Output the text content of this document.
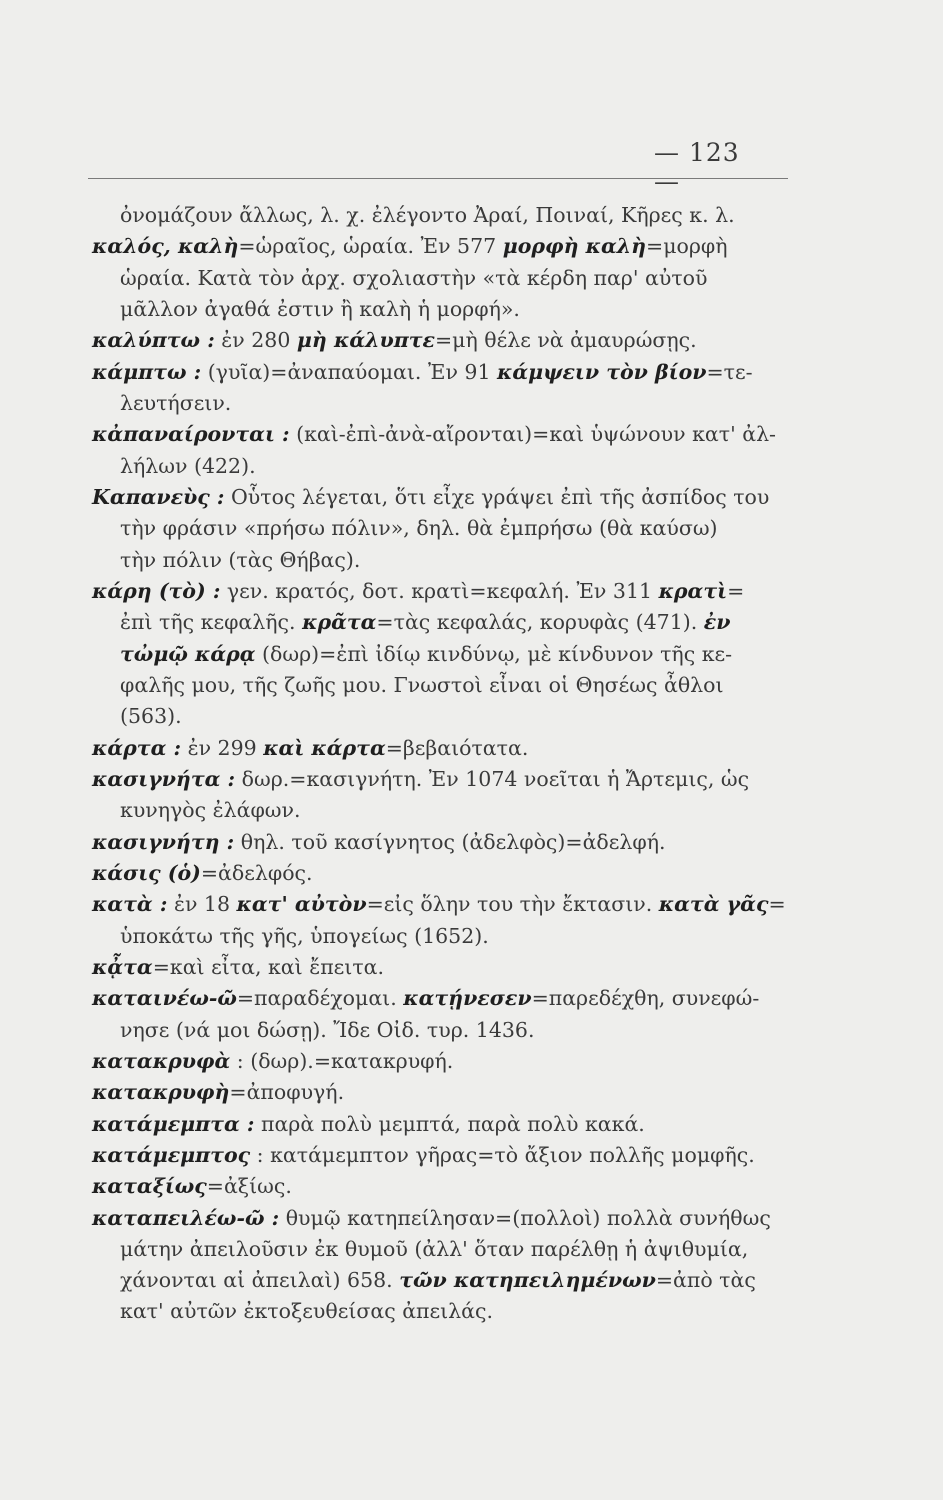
— 123 —
ὀνομάζουν ἄλλως, λ. χ. ἐλέγοντο Ἀραί, Ποιναί, Κῆρες κ. λ.
καλός, καλὴ=ὡραῖος, ὡραία. Ἐν 577 μορφὴ καλὴ=μορφὴ
ὡραία. Κατὰ τὸν ἀρχ. σχολιαστὴν «τὰ κέρδη παρ' αὐτοῦ
μᾶλλον ἀγαθά ἐστιν ἢ καλὴ ἡ μορφή».
καλύπτω : ἐν 280 μὴ κάλυπτε=μὴ θέλε νὰ ἀμαυρώσῃς.
κάμπτω : (γυῖα)=ἀναπαύομαι. Ἐν 91 κάμψειν τὸν βίον=τε-
λευτήσειν.
κἀπαναίρονται : (καὶ-ἐπὶ-ἀνὰ-αἴρονται)=καὶ ὑψώνουν κατ' ἀλ-
λήλων (422).
Καπανεὺς : Οὗτος λέγεται, ὅτι εἶχε γράψει ἐπὶ τῆς ἀσπίδος του
τὴν φράσιν «πρήσω πόλιν», δηλ. θὰ ἐμπρήσω (θὰ καύσω)
τὴν πόλιν (τὰς Θήβας).
κάρη (τὸ) : γεν. κρατός, δοτ. κρατὶ=κεφαλή. Ἐν 311 κρατὶ=
ἐπὶ τῆς κεφαλῆς. κρᾶτα=τὰς κεφαλάς, κορυφὰς (471). ἐν
τὠμῷ κάρᾳ (δωρ)=ἐπὶ ἰδίῳ κινδύνῳ, μὲ κίνδυνον τῆς κε-
φαλῆς μου, τῆς ζωῆς μου. Γνωστοὶ εἶναι οἱ Θησέως ἆθλοι
(563).
κάρτα : ἐν 299 καὶ κάρτα=βεβαιότατα.
κασιγνήτα : δωρ.=κασιγνήτη. Ἐν 1074 νοεῖται ἡ Ἄρτεμις, ὡς
κυνηγὸς ἐλάφων.
κασιγνήτη : θηλ. τοῦ κασίγνητος (ἀδελφὸς)=ἀδελφή.
κάσις (ὁ)=ἀδελφός.
κατὰ : ἐν 18 κατ' αὐτὸν=εἰς ὅλην του τὴν ἔκτασιν. κατὰ γᾶς=
ὑποκάτω τῆς γῆς, ὑπογείως (1652).
κᾆτα=καὶ εἶτα, καὶ ἔπειτα.
καταινέω-ῶ=παραδέχομαι. κατῄνεσεν=παρεδέχθη, συνεφώ-
νησε (νά μοι δώσῃ). Ἴδε Οἰδ. τυρ. 1436.
κατακρυφὰ : (δωρ).=κατακρυφή.
κατακρυφὴ=ἀποφυγή.
κατάμεμπτα : παρὰ πολὺ μεμπτά, παρὰ πολὺ κακά.
κατάμεμπτος : κατάμεμπτον γῆρας=τὸ ἄξιον πολλῆς μομφῆς.
καταξίως=ἀξίως.
καταπειλέω-ῶ : θυμῷ κατηπείλησαν=(πολλοὶ) πολλὰ συνήθως
μάτην ἀπειλοῦσιν ἐκ θυμοῦ (ἀλλ' ὅταν παρέλθῃ ἡ ἀψιθυμία,
χάνονται αἱ ἀπειλαὶ) 658. τῶν κατηπειλημένων=ἀπὸ τὰς
κατ' αὐτῶν ἐκτοξευθείσας ἀπειλάς.
